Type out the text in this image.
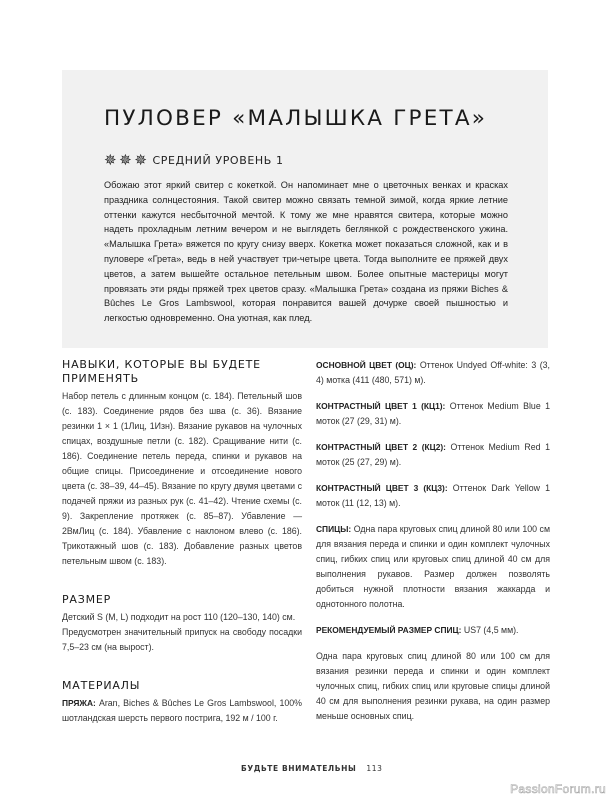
ПУЛОВЕР «МАЛЫШКА ГРЕТА»
✵ ✵ ✵ СРЕДНИЙ УРОВЕНЬ 1

Обожаю этот яркий свитер с кокеткой. Он напоминает мне о цветочных венках и красках праздника солнцестояния. Такой свитер можно связать темной зимой, когда яркие летние оттенки кажутся несбыточной мечтой. К тому же мне нравятся свитера, которые можно надеть прохладным летним вечером и не выглядеть беглянкой с рождественского ужина. «Малышка Грета» вяжется по кругу снизу вверх. Кокетка может показаться сложной, как и в пуловере «Грета», ведь в ней участвует три-четыре цвета. Тогда выполните ее пряжей двух цветов, а затем вышейте остальное петельным швом. Более опытные мастерицы могут провязать эти ряды пряжей трех цветов сразу. «Малышка Грета» создана из пряжи Biches & Bûches Le Gros Lambswool, которая понравится вашей дочурке своей пышностью и легкостью одновременно. Она уютная, как плед.

НАВЫКИ, КОТОРЫЕ ВЫ БУДЕТЕ ПРИМЕНЯТЬ

Набор петель с длинным концом (с. 184). Петельный шов (с. 183). Соединение рядов без шва (с. 36). Вязание резинки 1 × 1 (1Лиц, 1Изн). Вязание рукавов на чулочных спицах, воздушные петли (с. 182). Сращивание нити (с. 186). Соединение петель переда, спинки и рукавов на общие спицы. Присоединение и отсоединение нового цвета (с. 38–39, 44–45). Вязание по кругу двумя цветами с подачей пряжи из разных рук (с. 41–42). Чтение схемы (с. 9). Закрепление протяжек (с. 85–87). Убавление — 2ВмЛиц (с. 184). Убавление с наклоном влево (с. 186). Трикотажный шов (с. 183). Добавление разных цветов петельным швом (с. 183).

РАЗМЕР

Детский S (M, L) подходит на рост 110 (120–130, 140) см.

Предусмотрен значительный припуск на свободу посадки 7,5–23 см (на вырост).

МАТЕРИАЛЫ

ПРЯЖА: Aran, Biches & Bûches Le Gros Lambswool, 100% шотландская шерсть первого пострига, 192 м / 100 г.

ОСНОВНОЙ ЦВЕТ (ОЦ): Оттенок Undyed Off-white: 3 (3, 4) мотка (411 (480, 571) м).

КОНТРАСТНЫЙ ЦВЕТ 1 (КЦ1): Оттенок Medium Blue 1 моток (27 (29, 31) м).

КОНТРАСТНЫЙ ЦВЕТ 2 (КЦ2): Оттенок Medium Red 1 моток (25 (27, 29) м).

КОНТРАСТНЫЙ ЦВЕТ 3 (КЦ3): Оттенок Dark Yellow 1 моток (11 (12, 13) м).

СПИЦЫ: Одна пара круговых спиц длиной 80 или 100 см для вязания переда и спинки и один комплект чулочных спиц, гибких спиц или круговых спиц длиной 40 см для выполнения рукавов. Размер должен позволять добиться нужной плотности вязания жаккарда и однотонного полотна.

РЕКОМЕНДУЕМЫЙ РАЗМЕР СПИЦ: US7 (4,5 мм).

Одна пара круговых спиц длиной 80 или 100 см для вязания резинки переда и спинки и один комплект чулочных спиц, гибких спиц или круговые спицы длиной 40 см для выполнения резинки рукава, на один размер меньше основных спиц.

БУДЬТЕ ВНИМАТЕЛЬНЫ 113
PassionForum.ru
